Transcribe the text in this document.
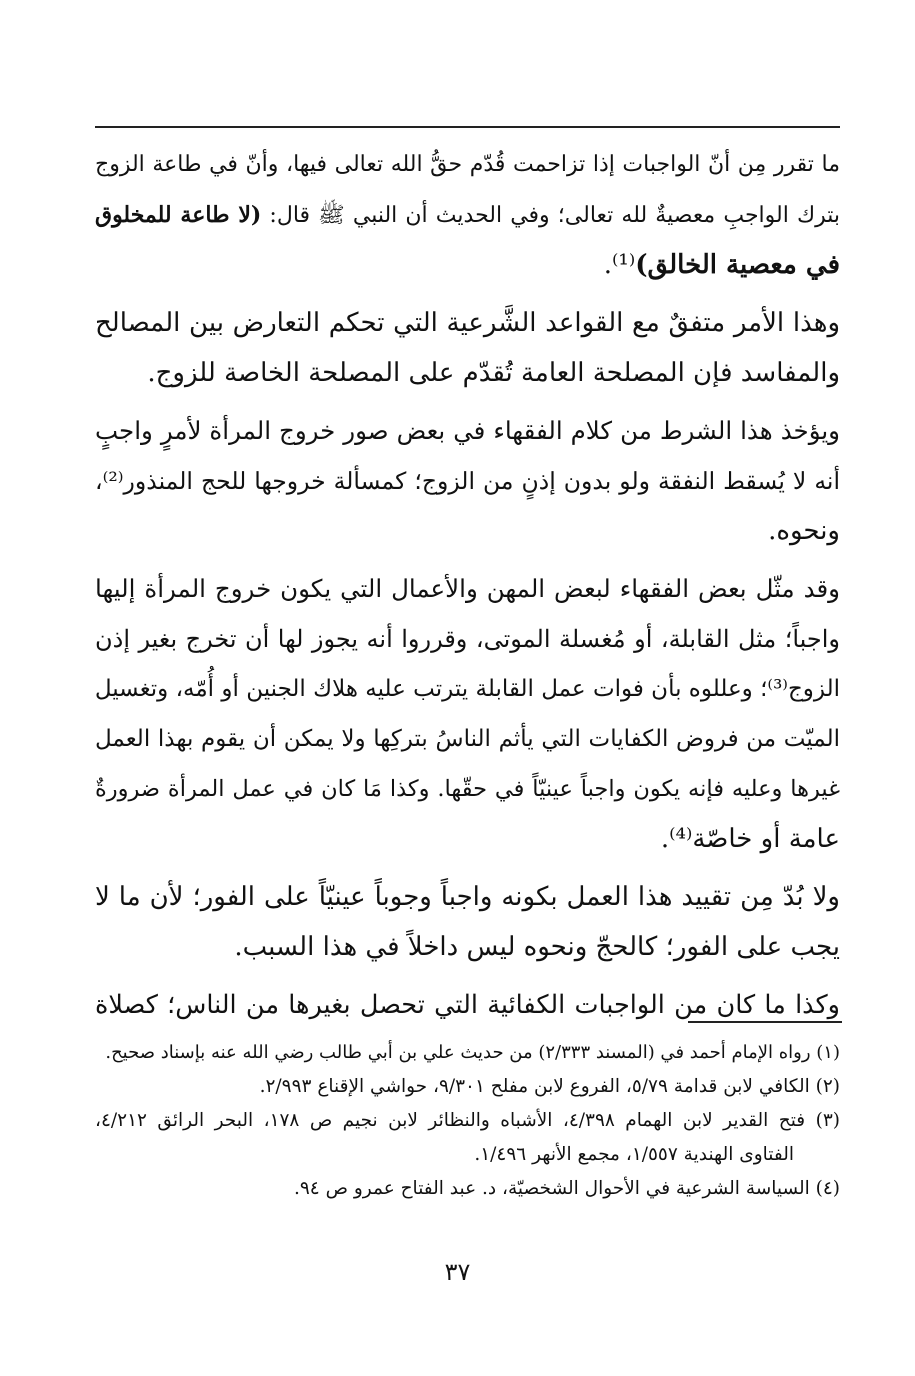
ما تقرر مِن أنّ الواجبات إذا تزاحمت قُدّم حقُّ الله تعالى فيها، وأنّ في طاعة الزوج
بترك الواجبِ معصيةٌ لله تعالى؛ وفي الحديث أن النبي ﷺ قال: (لا طاعة للمخلوق
في معصية الخالق)⁽¹⁾.
وهذا الأمر متفقٌ مع القواعد الشَّرعية التي تحكم التعارض بين المصالح
والمفاسد فإن المصلحة العامة تُقدّم على المصلحة الخاصة للزوج.
ويؤخذ هذا الشرط من كلام الفقهاء في بعض صور خروج المرأة لأمرٍ واجبٍ
أنه لا يُسقط النفقة ولو بدون إذنٍ من الزوج؛ كمسألة خروجها للحج المنذور⁽²⁾،
ونحوه.
وقد مثّل بعض الفقهاء لبعض المهن والأعمال التي يكون خروج المرأة إليها
واجباً؛ مثل القابلة، أو مُغسلة الموتى، وقرروا أنه يجوز لها أن تخرج بغير إذن
الزوج⁽³⁾؛ وعللوه بأن فوات عمل القابلة يترتب عليه هلاك الجنين أو أُمّه، وتغسيل
الميّت من فروض الكفايات التي يأثم الناسُ بتركِها ولا يمكن أن يقوم بهذا العمل
غيرها وعليه فإنه يكون واجباً عينيّاً في حقّها. وكذا مَا كان في عمل المرأة ضرورةٌ
عامة أو خاصّة⁽⁴⁾.
ولا بُدّ مِن تقييد هذا العمل بكونه واجباً وجوباً عينيّاً على الفور؛ لأن ما لا
يجب على الفور؛ كالحجّ ونحوه ليس داخلاً في هذا السبب.
وكذا ما كان من الواجبات الكفائية التي تحصل بغيرها من الناس؛ كصلاة
(١) رواه الإمام أحمد في (المسند ٢/٣٣٣) من حديث علي بن أبي طالب رضي الله عنه بإسناد صحيح.
(٢) الكافي لابن قدامة ٥/٧٩، الفروع لابن مفلح ٩/٣٠١، حواشي الإقناع ٢/٩٩٣.
(٣) فتح القدير لابن الهمام ٤/٣٩٨، الأشباه والنظائر لابن نجيم ص ١٧٨، البحر الرائق ٤/٢١٢،
الفتاوى الهندية ١/٥٥٧، مجمع الأنهر ١/٤٩٦.
(٤) السياسة الشرعية في الأحوال الشخصيّة، د. عبد الفتاح عمرو ص ٩٤.
٣٧
